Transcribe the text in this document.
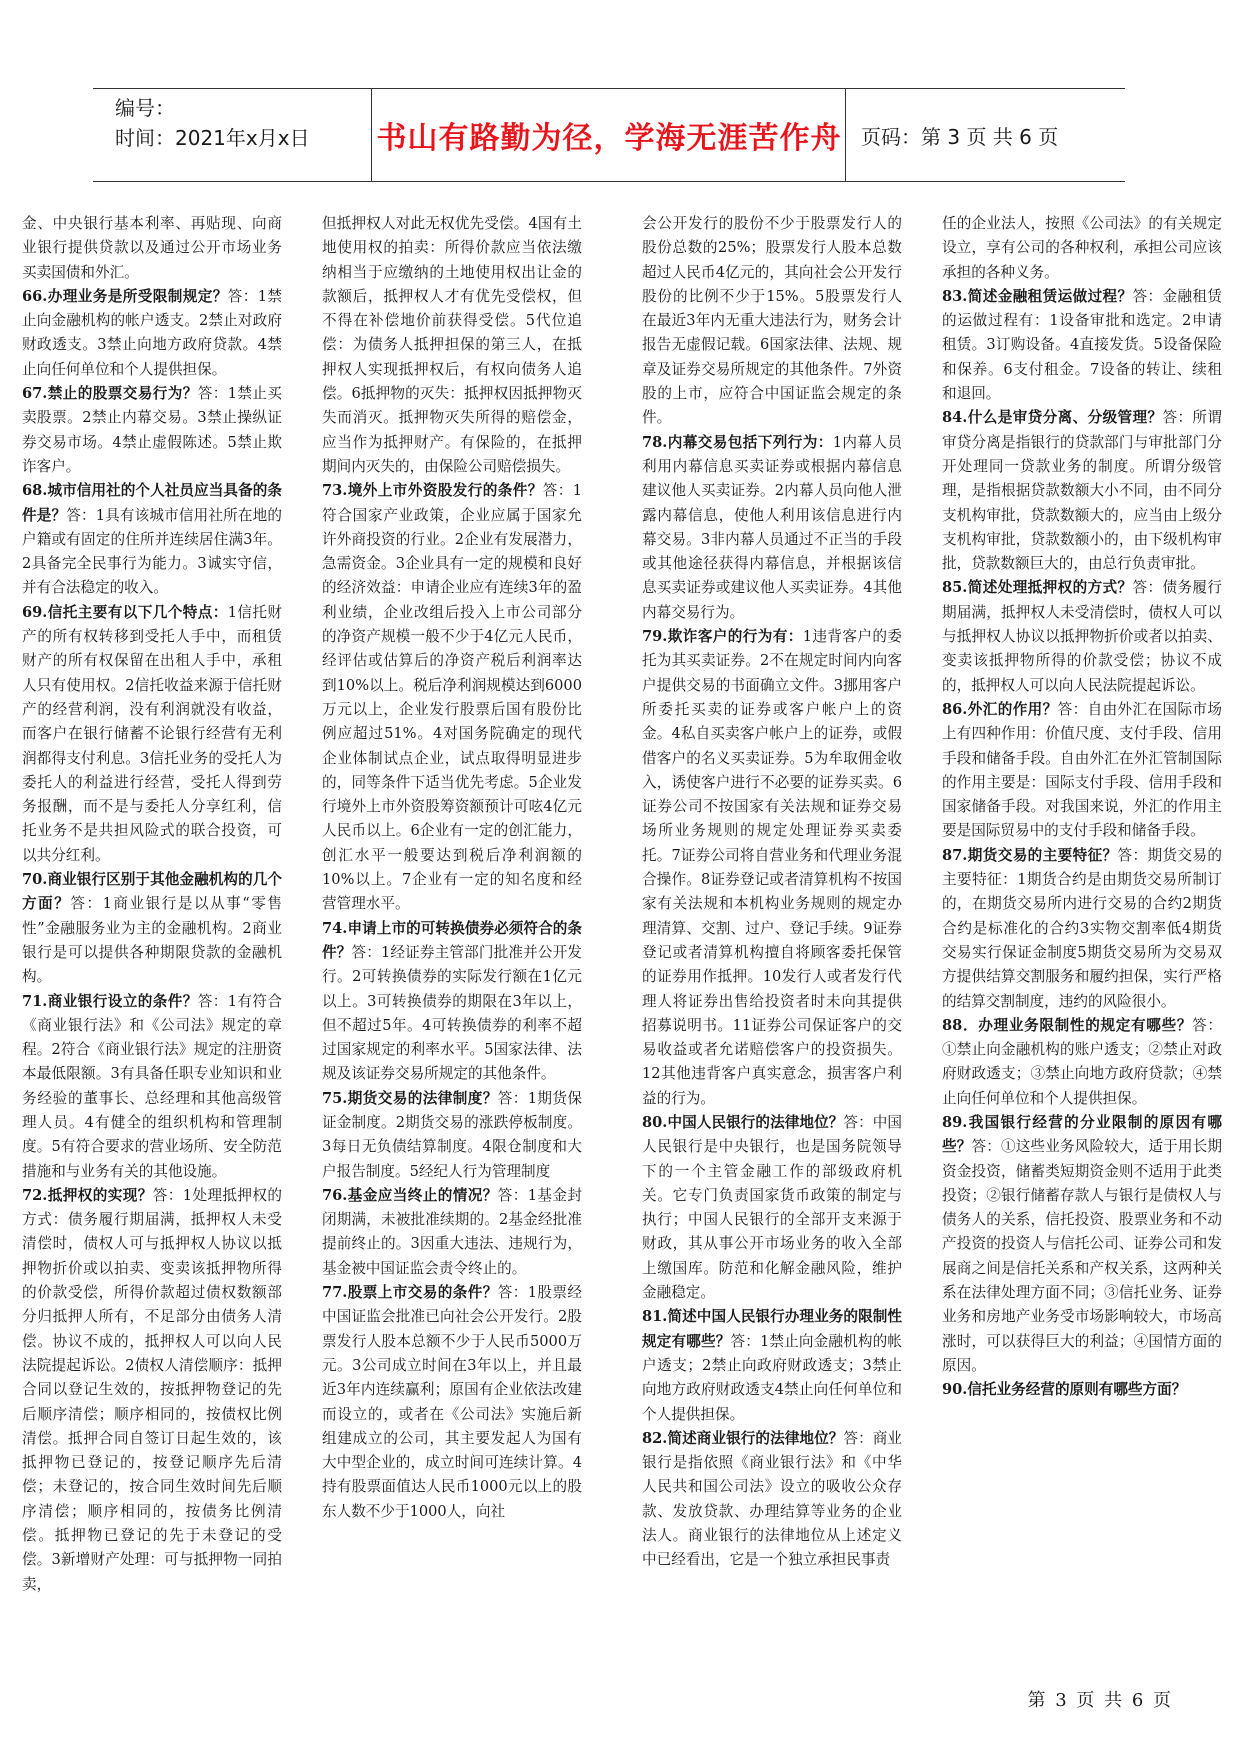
编号：
时间：2021年x月x日 书山有路勤为径，学海无涯苦作舟 页码：第 3 页 共 6 页

金、中央银行基本利率、再贴现、向商业银行提供贷款以及通过公开市场业务买卖国债和外汇。

66.办理业务是所受限制规定？答：1禁止向金融机构的帐户透支。2禁止对政府财政透支。3禁止向地方政府贷款。4禁止向任何单位和个人提供担保。

67.禁止的股票交易行为？答：1禁止买卖股票。2禁止内幕交易。3禁止操纵证券交易市场。4禁止虚假陈述。5禁止欺诈客户。

68.城市信用社的个人社员应当具备的条件是？答：1具有该城市信用社所在地的户籍或有固定的住所并连续居住满3年。2具备完全民事行为能力。3诚实守信，并有合法稳定的收入。

69.信托主要有以下几个特点：1信托财产的所有权转移到受托人手中，而租赁财产的所有权保留在出租人手中，承租人只有使用权。2信托收益来源于信托财产的经营利润，没有利润就没有收益，而客户在银行储蓄不论银行经营有无利润都得支付利息。3信托业务的受托人为委托人的利益进行经营，受托人得到劳务报酬，而不是与委托人分享红利，信托业务不是共担风险式的联合投资，可以共分红利。

70.商业银行区别于其他金融机构的几个方面？答：1商业银行是以从事“零售性”金融服务业为主的金融机构。2商业银行是可以提供各种期限贷款的金融机构。

71.商业银行设立的条件？答：1有符合《商业银行法》和《公司法》规定的章程。2符合《商业银行法》规定的注册资本最低限额。3有具备任职专业知识和业务经验的董事长、总经理和其他高级管理人员。4有健全的组织机构和管理制度。5有符合要求的营业场所、安全防范措施和与业务有关的其他设施。

72.抵押权的实现？答：1处理抵押权的方式：债务履行期届满，抵押权人未受清偿时，债权人可与抵押权人协议以抵押物折价或以拍卖、变卖该抵押物所得的价款受偿，所得价款超过债权数额部分归抵押人所有，不足部分由债务人清偿。协议不成的，抵押权人可以向人民法院提起诉讼。2债权人清偿顺序：抵押合同以登记生效的，按抵押物登记的先后顺序清偿；顺序相同的，按债权比例清偿。抵押合同自签订日起生效的，该抵押物已登记的，按登记顺序先后清偿；未登记的，按合同生效时间先后顺序清偿；顺序相同的，按债务比例清偿。抵押物已登记的先于未登记的受偿。3新增财产处理：可与抵押物一同拍卖，

但抵押权人对此无权优先受偿。4国有土地使用权的拍卖：所得价款应当依法缴纳相当于应缴纳的土地使用权出让金的款额后，抵押权人才有优先受偿权，但不得在补偿地价前获得受偿。5代位追偿：为债务人抵押担保的第三人，在抵押权人实现抵押权后，有权向债务人追偿。6抵押物的灭失：抵押权因抵押物灭失而消灭。抵押物灭失所得的赔偿金，应当作为抵押财产。有保险的，在抵押期间内灭失的，由保险公司赔偿损失。

73.境外上市外资股发行的条件？答：1符合国家产业政策，企业应属于国家允许外商投资的行业。2企业有发展潜力，急需资金。3企业具有一定的规模和良好的经济效益：申请企业应有连续3年的盈利业绩，企业改组后投入上市公司部分的净资产规模一般不少于4亿元人民币，经评估或估算后的净资产税后利润率达到10%以上。税后净利润规模达到6000万元以上，企业发行股票后国有股份比例应超过51%。4对国务院确定的现代企业体制试点企业，试点取得明显进步的，同等条件下适当优先考虑。5企业发行境外上市外资股筹资额预计可呟4亿元人民币以上。6企业有一定的创汇能力，创汇水平一般要达到税后净利润额的10%以上。7企业有一定的知名度和经营管理水平。

74.申请上市的可转换债券必须符合的条件？答：1经证券主管部门批准并公开发行。2可转换债券的实际发行额在1亿元以上。3可转换债券的期限在3年以上，但不超过5年。4可转换债券的利率不超过国家规定的利率水平。5国家法律、法规及该证券交易所规定的其他条件。

75.期货交易的法律制度？答：1期货保证金制度。2期货交易的涨跌停板制度。3每日无负债结算制度。4限仓制度和大户报告制度。5经纪人行为管理制度

76.基金应当终止的情况？答：1基金封闭期满，未被批准续期的。2基金经批准提前终止的。3因重大违法、违规行为，基金被中国证监会责令终止的。

77.股票上市交易的条件？答：1股票经中国证监会批准已向社会公开发行。2股票发行人股本总额不少于人民币5000万元。3公司成立时间在3年以上，并且最近3年内连续赢利；原国有企业依法改建而设立的，或者在《公司法》实施后新组建成立的公司，其主要发起人为国有大中型企业的，成立时间可连续计算。4持有股票面值达人民币1000元以上的股东人数不少于1000人，向社

会公开发行的股份不少于股票发行人的股份总数的25%；股票发行人股本总数超过人民币4亿元的，其向社会公开发行股份的比例不少于15%。5股票发行人在最近3年内无重大违法行为，财务会计报告无虚假记载。6国家法律、法规、规章及证券交易所规定的其他条件。7外资股的上市，应符合中国证监会规定的条件。

78.内幕交易包括下列行为：1内幕人员利用内幕信息买卖证券或根据内幕信息建议他人买卖证券。2内幕人员向他人泄露内幕信息，使他人利用该信息进行内幕交易。3非内幕人员通过不正当的手段或其他途径获得内幕信息，并根据该信息买卖证券或建议他人买卖证券。4其他内幕交易行为。

79.欺诈客户的行为有：1违背客户的委托为其买卖证券。2不在规定时间内向客户提供交易的书面确立文件。3挪用客户所委托买卖的证券或客户帐户上的资金。4私自买卖客户帐户上的证券，或假借客户的名义买卖证券。5为牟取佣金收入，诱使客户进行不必要的证券买卖。6证券公司不按国家有关法规和证券交易场所业务规则的规定处理证券买卖委托。7证券公司将自营业务和代理业务混合操作。8证券登记或者清算机构不按国家有关法规和本机构业务规则的规定办理清算、交割、过户、登记手续。9证券登记或者清算机构擅自将顾客委托保管的证券用作抵押。10发行人或者发行代理人将证券出售给投资者时未向其提供招募说明书。11证券公司保证客户的交易收益或者允诺赔偿客户的投资损失。12其他违背客户真实意念，损害客户利益的行为。

80.中国人民银行的法律地位？答：中国人民银行是中央银行，也是国务院领导下的一个主管金融工作的部级政府机关。它专门负责国家货币政策的制定与执行；中国人民银行的全部开支来源于财政，其从事公开市场业务的收入全部上缴国库。防范和化解金融风险，维护金融稳定。

81.简述中国人民银行办理业务的限制性规定有哪些？答：1禁止向金融机构的帐户透支；2禁止向政府财政透支；3禁止向地方政府财政透支4禁止向任何单位和个人提供担保。

82.简述商业银行的法律地位？答：商业银行是指依照《商业银行法》和《中华人民共和国公司法》设立的吸收公众存款、发放贷款、办理结算等业务的企业法人。商业银行的法律地位从上述定义中已经看出，它是一个独立承担民事责

任的企业法人，按照《公司法》的有关规定设立，享有公司的各种权利，承担公司应该承担的各种义务。

83.简述金融租赁运做过程？答：金融租赁的运做过程有：1设备审批和选定。2申请租赁。3订购设备。4直接发货。5设备保险和保养。6支付租金。7设备的转让、续租和退回。

84.什么是审贷分离、分级管理？答：所谓审贷分离是指银行的贷款部门与审批部门分开处理同一贷款业务的制度。所谓分级管理，是指根据贷款数额大小不同，由不同分支机构审批，贷款数额大的，应当由上级分支机构审批，贷款数额小的，由下级机构审批，贷款数额巨大的，由总行负责审批。

85.简述处理抵押权的方式？答：债务履行期届满，抵押权人未受清偿时，债权人可以与抵押权人协议以抵押物折价或者以拍卖、变卖该抵押物所得的价款受偿；协议不成的，抵押权人可以向人民法院提起诉讼。

86.外汇的作用？答：自由外汇在国际市场上有四种作用：价值尺度、支付手段、信用手段和储备手段。自由外汇在外汇管制国际的作用主要是：国际支付手段、信用手段和国家储备手段。对我国来说，外汇的作用主要是国际贸易中的支付手段和储备手段。

87.期货交易的主要特征？答：期货交易的主要特征：1期货合约是由期货交易所制订的，在期货交易所内进行交易的合约2期货合约是标准化的合约3实物交割率低4期货交易实行保证金制度5期货交易所为交易双方提供结算交割服务和履约担保，实行严格的结算交割制度，违约的风险很小。

88．办理业务限制性的规定有哪些？答：①禁止向金融机构的账户透支；②禁止对政府财政透支；③禁止向地方政府贷款；④禁止向任何单位和个人提供担保。

89.我国银行经营的分业限制的原因有哪些？答：①这些业务风险较大，适于用长期资金投资，储蓄类短期资金则不适用于此类投资；②银行储蓄存款人与银行是债权人与债务人的关系，信托投资、股票业务和不动产投资的投资人与信托公司、证券公司和发展商之间是信托关系和产权关系，这两种关系在法律处理方面不同；③信托业务、证券业务和房地产业务受市场影响较大，市场高涨时，可以获得巨大的利益；④国情方面的原因。

90.信托业务经营的原则有哪些方面？

第 3 页 共 6 页
